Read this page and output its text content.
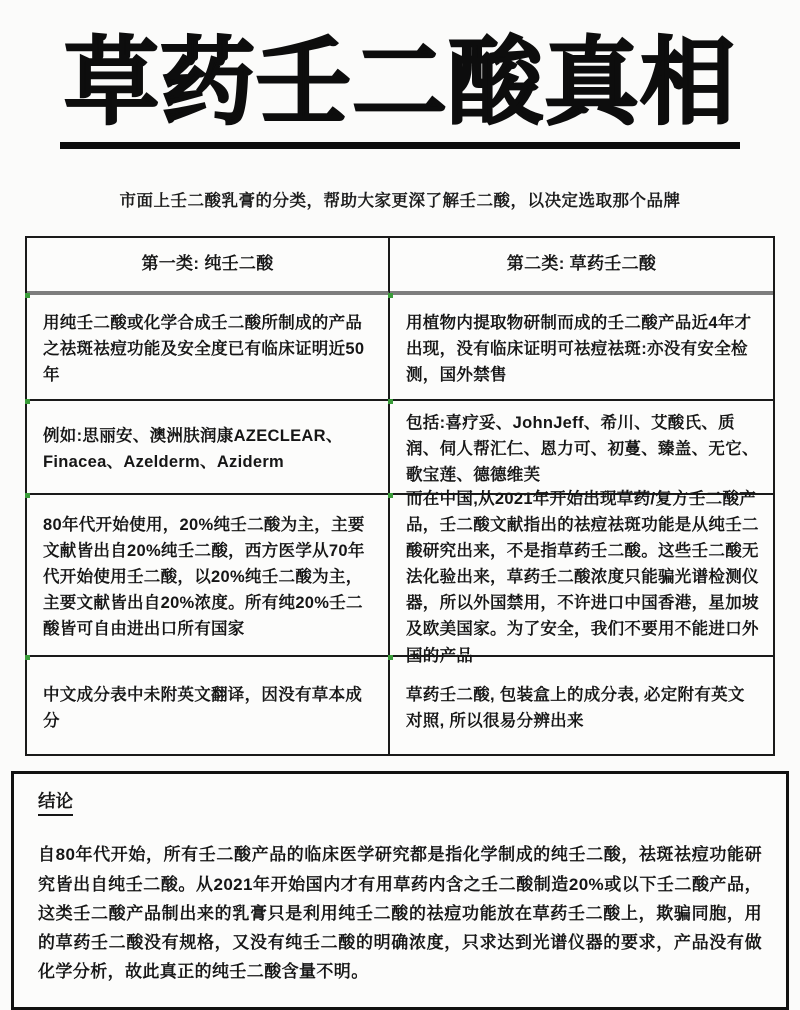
草药壬二酸真相

市面上壬二酸乳膏的分类，帮助大家更深了解壬二酸，以决定选取那个品牌

第一类: 纯壬二酸	第二类: 草药壬二酸
用纯壬二酸或化学合成壬二酸所制成的产品之祛斑祛痘功能及安全度已有临床证明近50年
用植物内提取物研制而成的壬二酸产品近4年才出现，没有临床证明可祛痘祛斑:亦没有安全检测，国外禁售
例如:思丽安、澳洲肤润康AZECLEAR、Finacea、Azelderm、Aziderm
包括:喜疗妥、JohnJeff、希川、艾酸氏、质润、伺人帮汇仁、恩力可、初蔓、臻盖、无它、歌宝莲、德德维芙
80年代开始使用，20%纯壬二酸为主，主要文献皆出自20%纯壬二酸，西方医学从70年代开始使用壬二酸，以20%纯壬二酸为主，主要文献皆出自20%浓度。所有纯20%壬二酸皆可自由进出口所有国家
而在中国,从2021年开始出现草药/复方壬二酸产品，壬二酸文献指出的祛痘祛斑功能是从纯壬二酸研究出来，不是指草药壬二酸。这些壬二酸无法化验出来，草药壬二酸浓度只能骗光谱检测仪器，所以外国禁用，不许进口中国香港，星加坡及欧美国家。为了安全，我们不要用不能进口外国的产品
中文成分表中未附英文翻译，因没有草本成分
草药壬二酸, 包装盒上的成分表, 必定附有英文对照, 所以很易分辨出来
结论

自80年代开始，所有壬二酸产品的临床医学研究都是指化学制成的纯壬二酸，祛斑祛痘功能研究皆出自纯壬二酸。从2021年开始国内才有用草药内含之壬二酸制造20%或以下壬二酸产品，这类壬二酸产品制出来的乳膏只是利用纯壬二酸的祛痘功能放在草药壬二酸上，欺骗同胞，用的草药壬二酸没有规格，又没有纯壬二酸的明确浓度，只求达到光谱仪器的要求，产品没有做化学分析，故此真正的纯壬二酸含量不明。
